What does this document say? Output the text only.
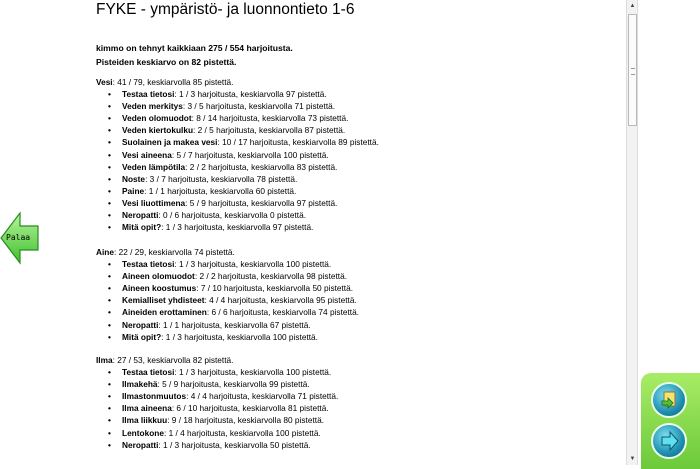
FYKE - ympäristö- ja luonnontieto 1-6
kimmo on tehnyt kaikkiaan 275 / 554 harjoitusta.
Pisteiden keskiarvo on 82 pistettä.
Vesi: 41 / 79, keskiarvolla 85 pistettä.
• Testaa tietosi: 1 / 3 harjoitusta, keskiarvolla 97 pistettä.
• Veden merkitys: 3 / 5 harjoitusta, keskiarvolla 71 pistettä.
• Veden olomuodot: 8 / 14 harjoitusta, keskiarvolla 73 pistettä.
• Veden kiertokulku: 2 / 5 harjoitusta, keskiarvolla 87 pistettä.
• Suolainen ja makea vesi: 10 / 17 harjoitusta, keskiarvolla 89 pistettä.
• Vesi aineena: 5 / 7 harjoitusta, keskiarvolla 100 pistettä.
• Veden lämpötila: 2 / 2 harjoitusta, keskiarvolla 83 pistettä.
• Noste: 3 / 7 harjoitusta, keskiarvolla 78 pistettä.
• Paine: 1 / 1 harjoitusta, keskiarvolla 60 pistettä.
• Vesi liuottimena: 5 / 9 harjoitusta, keskiarvolla 97 pistettä.
• Neropatti: 0 / 6 harjoitusta, keskiarvolla 0 pistettä.
• Mitä opit?: 1 / 3 harjoitusta, keskiarvolla 97 pistettä.
Aine: 22 / 29, keskiarvolla 74 pistettä.
• Testaa tietosi: 1 / 3 harjoitusta, keskiarvolla 100 pistettä.
• Aineen olomuodot: 2 / 2 harjoitusta, keskiarvolla 98 pistettä.
• Aineen koostumus: 7 / 10 harjoitusta, keskiarvolla 50 pistettä.
• Kemialliset yhdisteet: 4 / 4 harjoitusta, keskiarvolla 95 pistettä.
• Aineiden erottaminen: 6 / 6 harjoitusta, keskiarvolla 74 pistettä.
• Neropatti: 1 / 1 harjoitusta, keskiarvolla 67 pistettä.
• Mitä opit?: 1 / 3 harjoitusta, keskiarvolla 100 pistettä.
Ilma: 27 / 53, keskiarvolla 82 pistettä.
• Testaa tietosi: 1 / 3 harjoitusta, keskiarvolla 100 pistettä.
• Ilmakehä: 5 / 9 harjoitusta, keskiarvolla 99 pistettä.
• Ilmastonmuutos: 4 / 4 harjoitusta, keskiarvolla 71 pistettä.
• Ilma aineena: 6 / 10 harjoitusta, keskiarvolla 81 pistettä.
• Ilma liikkuu: 9 / 18 harjoitusta, keskiarvolla 80 pistettä.
• Lentokone: 1 / 4 harjoitusta, keskiarvolla 100 pistettä.
• Neropatti: 1 / 3 harjoitusta, keskiarvolla 50 pistettä.
▲
▼
Palaa
